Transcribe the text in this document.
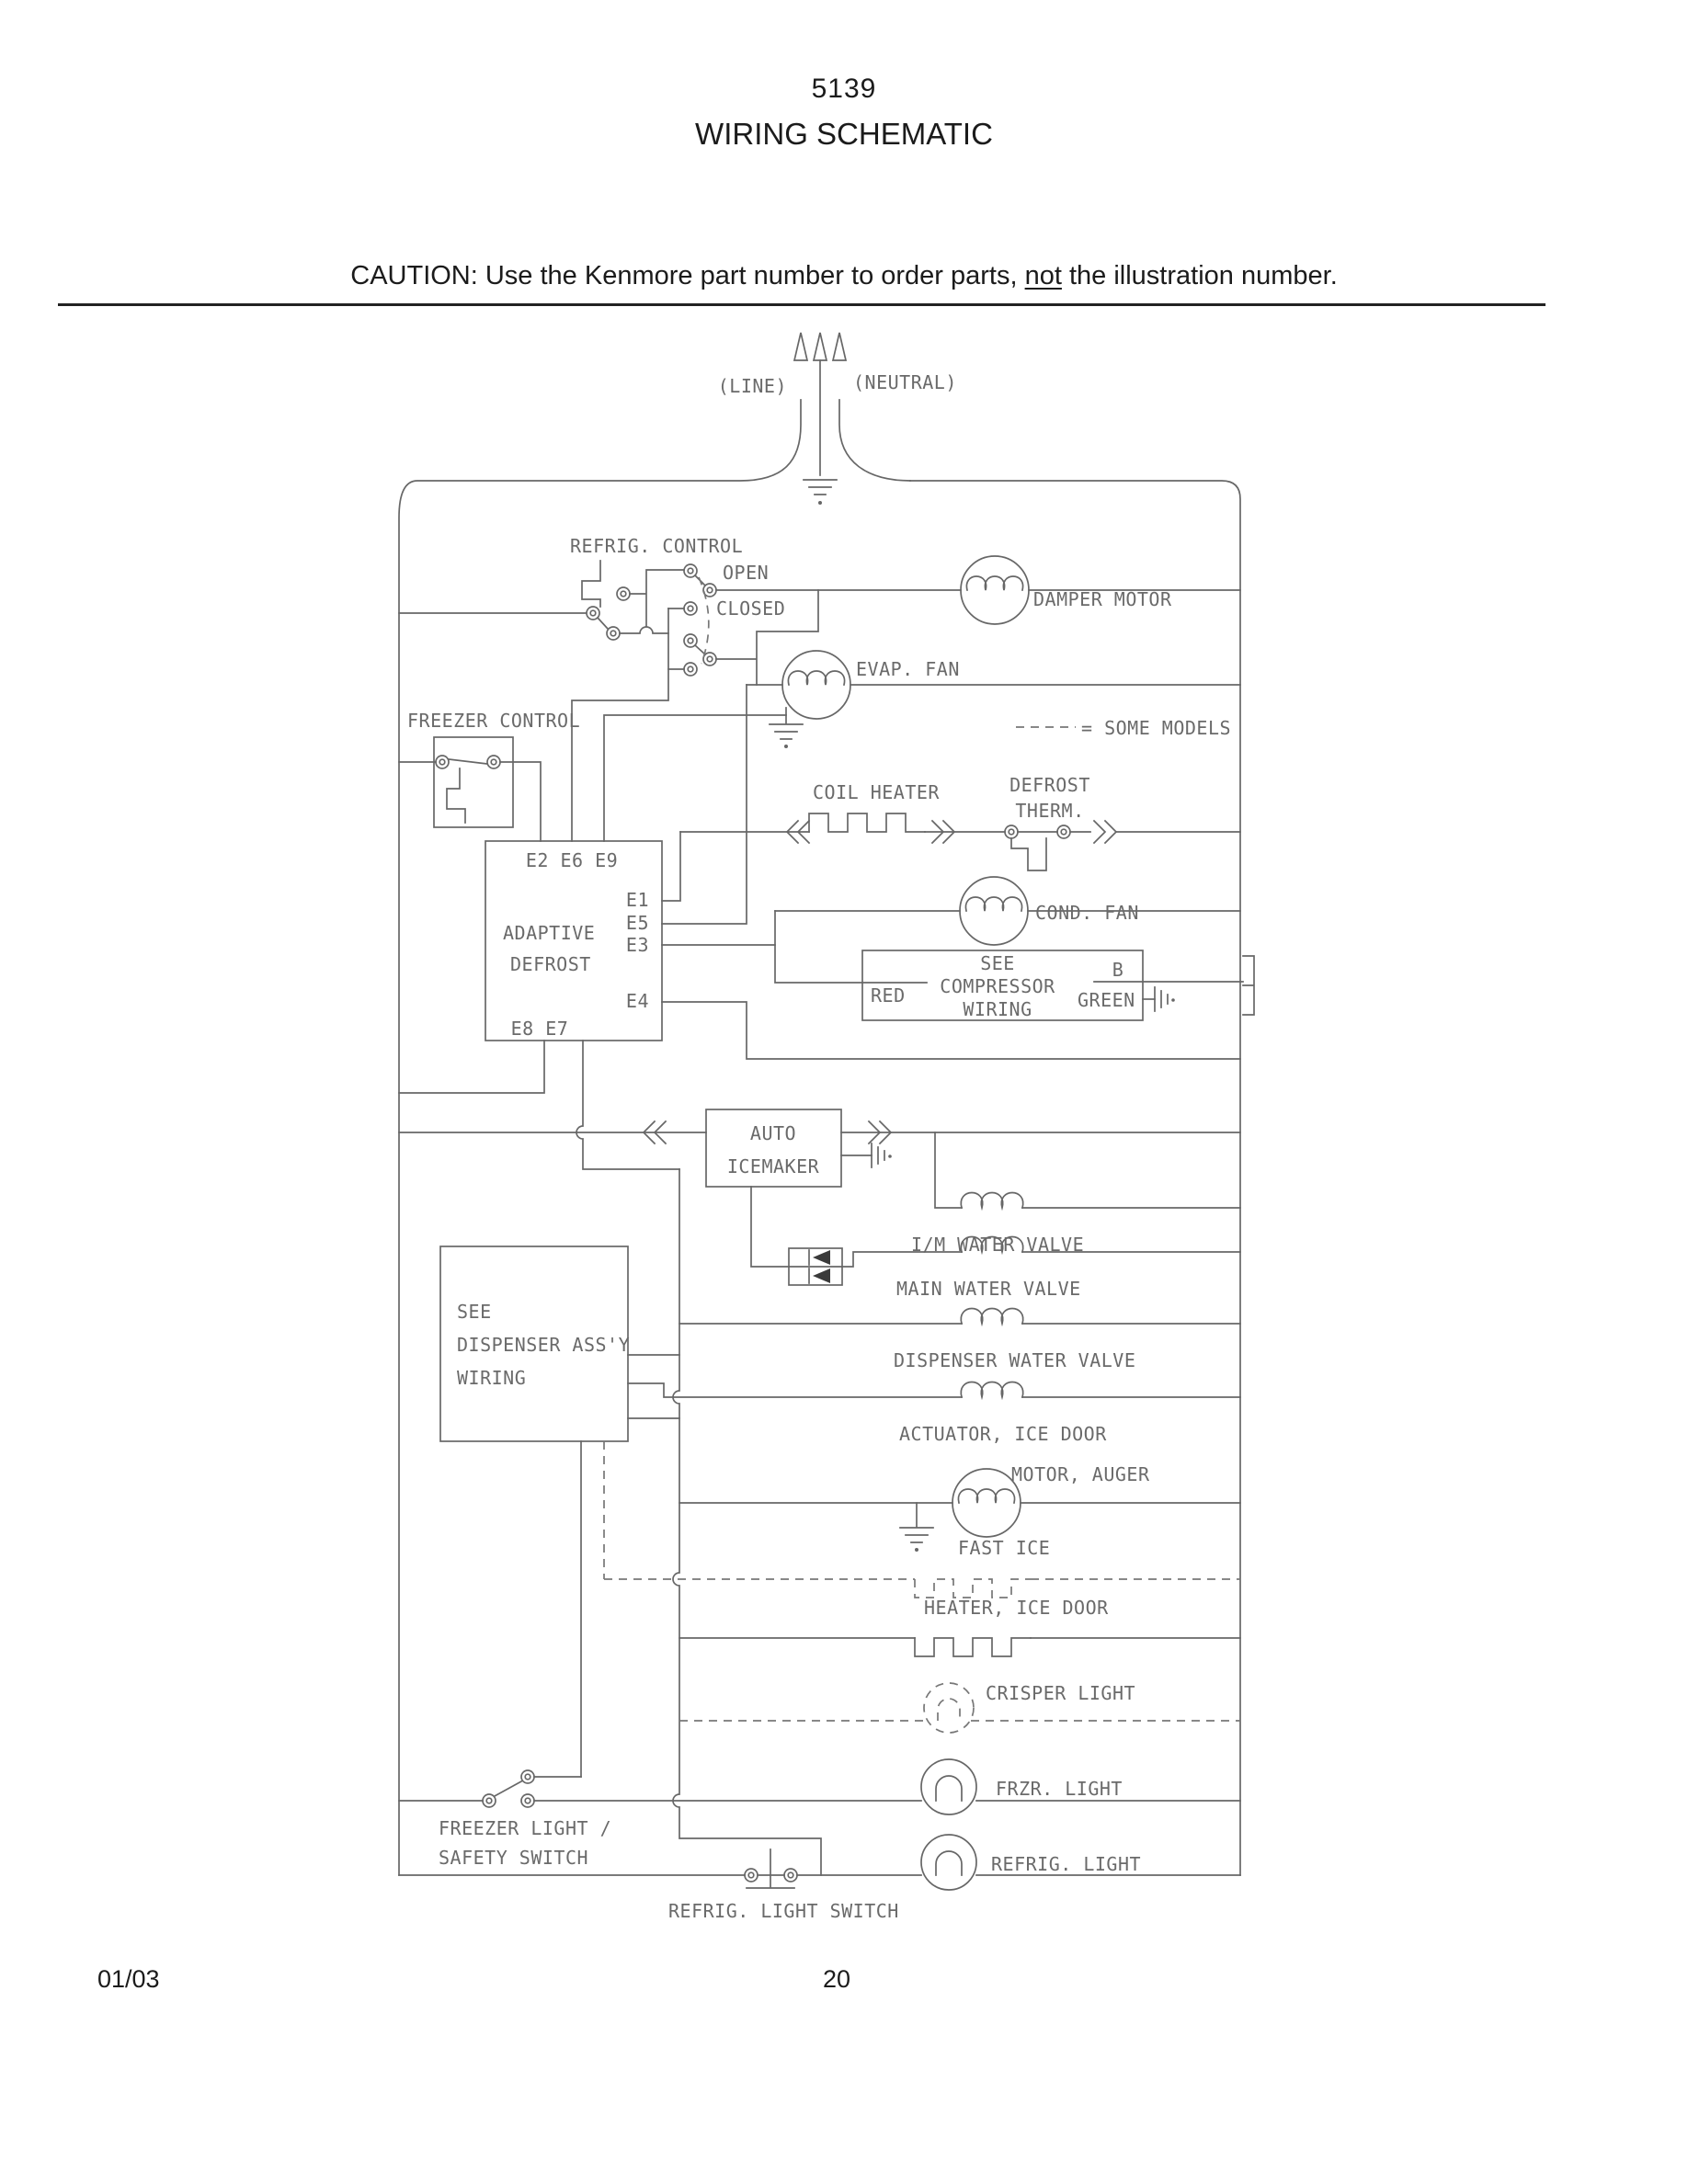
5139
WIRING SCHEMATIC
CAUTION: Use the Kenmore part number to order parts, not the illustration number.
(LINE)	(NEUTRAL)
REFRIG. CONTROL
OPEN
CLOSED	DAMPER MOTOR
EVAP. FAN
= SOME MODELS
FREEZER CONTROL
E2 E6 E9
ADAPTIVE
DEFROST
E1
E5
E3
E4
E8 E7
COIL HEATER	DEFROST
THERM.
COND. FAN
RED
SEE
COMPRESSOR
WIRING
B
GREEN
AUTO
ICEMAKER
I/M WATER VALVE
MAIN WATER VALVE
DISPENSER WATER VALVE
ACTUATOR, ICE DOOR
SEE
DISPENSER ASS'Y
WIRING
MOTOR, AUGER
FAST ICE
HEATER, ICE DOOR
CRISPER LIGHT
FRZR. LIGHT
FREEZER LIGHT /
SAFETY SWITCH	REFRIG. LIGHT
REFRIG. LIGHT SWITCH
01/03	20
